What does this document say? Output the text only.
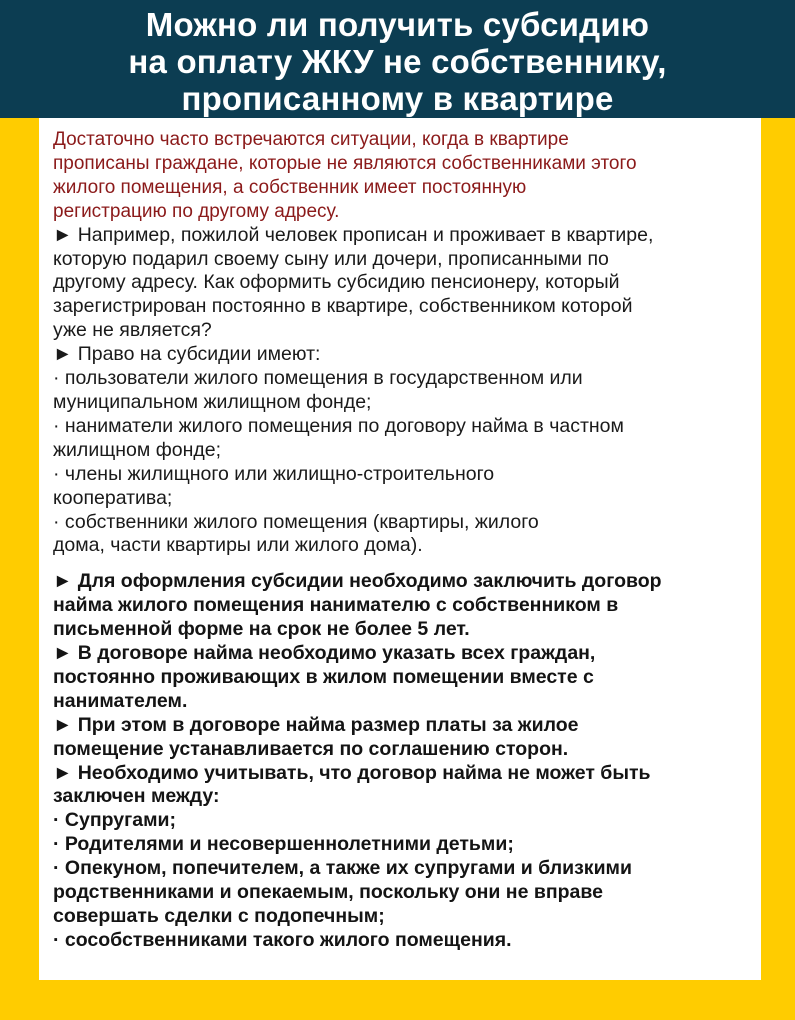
Можно ли получить субсидию
на оплату ЖКУ не собственнику,
прописанному в квартире
Достаточно часто встречаются ситуации, когда в квартире
прописаны граждане, которые не являются собственниками этого
жилого помещения, а собственник имеет постоянную
регистрацию по другому адресу.
► Например, пожилой человек прописан и проживает в квартире,
которую подарил своему сыну или дочери, прописанными по
другому адресу. Как оформить субсидию пенсионеру, который
зарегистрирован постоянно в квартире, собственником которой
уже не является?
► Право на субсидии имеют:
· пользователи жилого помещения в государственном или
муниципальном жилищном фонде;
· наниматели жилого помещения по договору найма в частном
жилищном фонде;
· члены жилищного или жилищно-строительного
кооператива;
· собственники жилого помещения (квартиры, жилого
дома, части квартиры или жилого дома).
► Для оформления субсидии необходимо заключить договор
найма жилого помещения нанимателю с собственником в
письменной форме на срок не более 5 лет.
► В договоре найма необходимо указать всех граждан,
постоянно проживающих в жилом помещении вместе с
нанимателем.
► При этом в договоре найма размер платы за жилое
помещение устанавливается по соглашению сторон.
► Необходимо учитывать, что договор найма не может быть
заключен между:
· Супругами;
· Родителями и несовершеннолетними детьми;
· Опекуном, попечителем, а также их супругами и близкими
родственниками и опекаемым, поскольку они не вправе
совершать сделки с подопечным;
· сособственниками такого жилого помещения.
